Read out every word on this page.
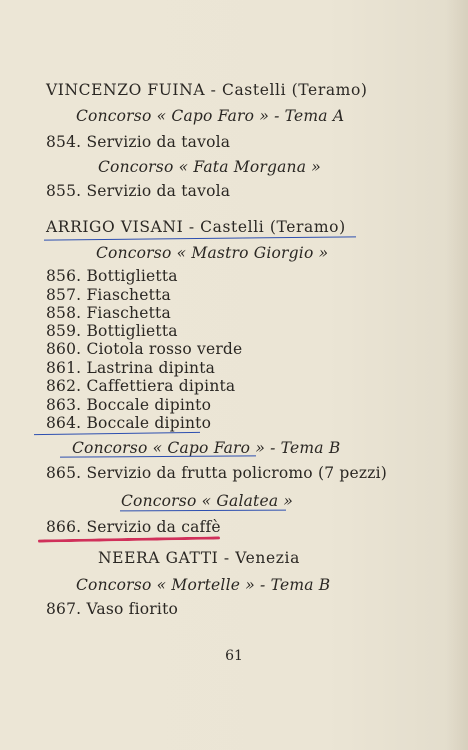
VINCENZO FUINA - Castelli (Teramo)
Concorso « Capo Faro » - Tema A
854. Servizio da tavola
Concorso « Fata Morgana »
855. Servizio da tavola
ARRIGO VISANI - Castelli (Teramo)
Concorso « Mastro Giorgio »
856. Bottiglietta
857. Fiaschetta
858. Fiaschetta
859. Bottiglietta
860. Ciotola rosso verde
861. Lastrina dipinta
862. Caffettiera dipinta
863. Boccale dipinto
864. Boccale dipinto
Concorso « Capo Faro » - Tema B
865. Servizio da frutta policromo (7 pezzi)
Concorso « Galatea »
866. Servizio da caffè
NEERA GATTI - Venezia
Concorso « Mortelle » - Tema B
867. Vaso fiorito
61
